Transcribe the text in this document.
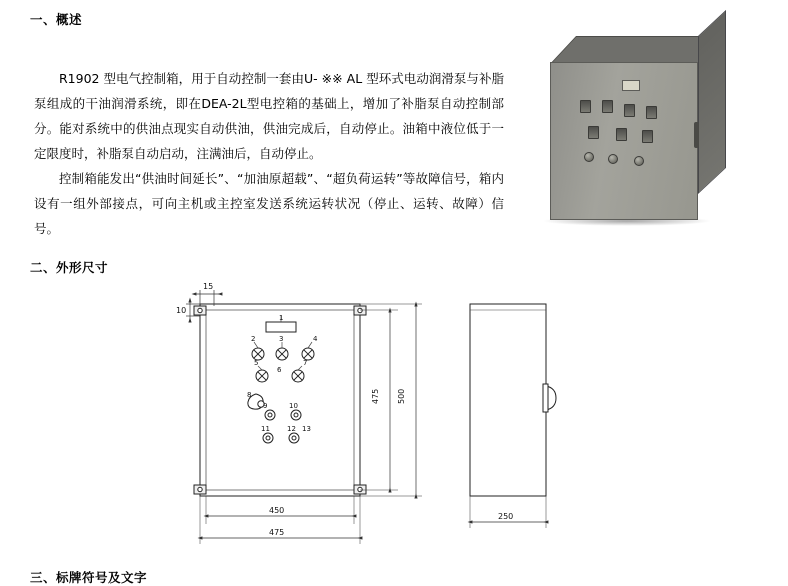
一、概述

R1902 型电气控制箱，用于自动控制一套由U- ※※ AL 型环式电动润滑泵与补脂泵组成的干油润滑系统，即在DEA-2L型电控箱的基础上，增加了补脂泵自动控制部分。能对系统中的供油点现实自动供油，供油完成后，自动停止。油箱中液位低于一定限度时，补脂泵自动启动，注满油后，自动停止。

控制箱能发出“供油时间延长”、“加油原超载”、“超负荷运转”等故障信号，箱内设有一组外部接点，可向主机或主控室发送系统运转状况（停止、运转、故障）信号。

二、外形尺寸
15
10
475 500
450
475
250
1
2	3	4
5
6
7
8
9	10
11 12 13
三、标牌符号及文字
